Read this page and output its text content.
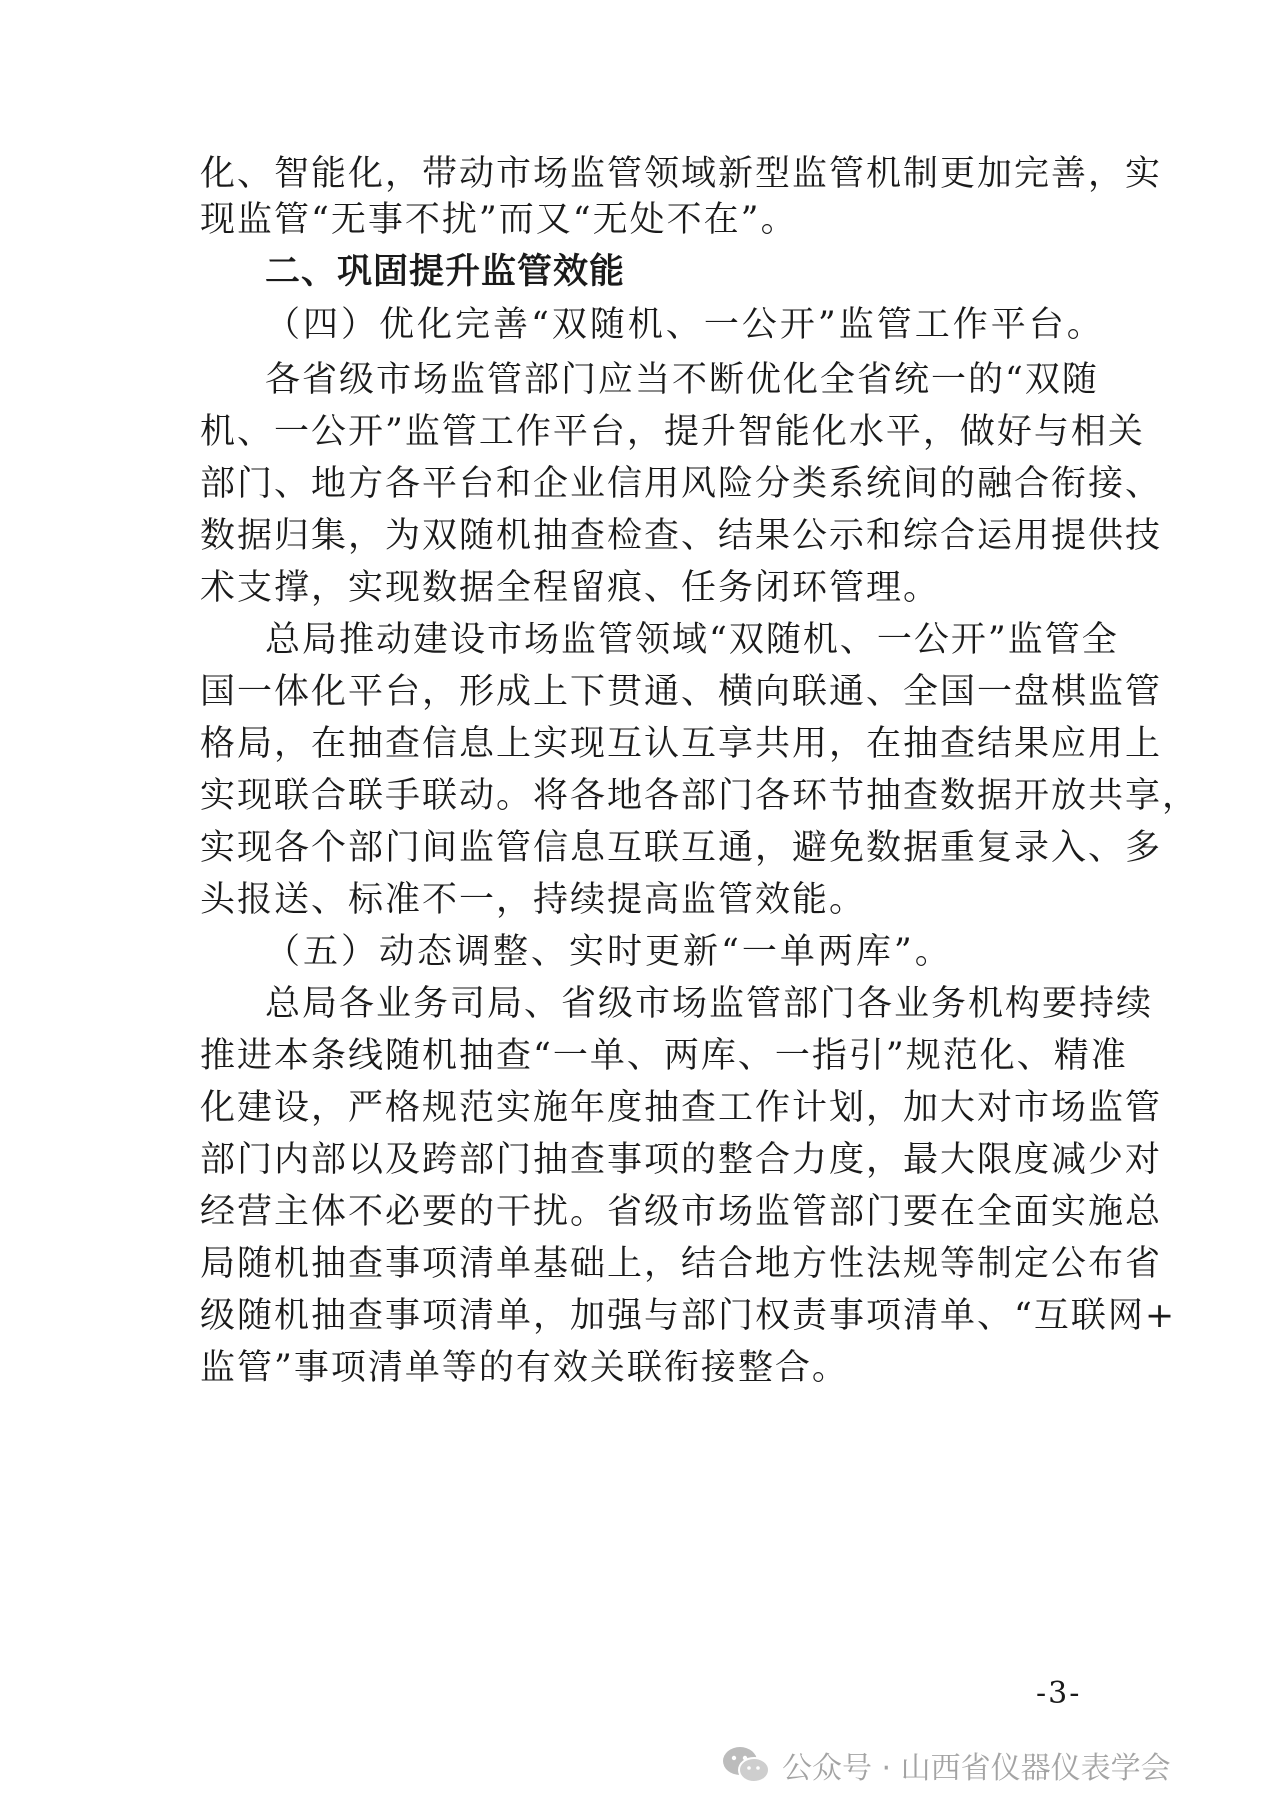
化、智能化，带动市场监管领域新型监管机制更加完善，实
现监管“无事不扰”而又“无处不在”。
二、巩固提升监管效能
（四）优化完善“双随机、一公开”监管工作平台。
各省级市场监管部门应当不断优化全省统一的“双随
机、一公开”监管工作平台，提升智能化水平，做好与相关
部门、地方各平台和企业信用风险分类系统间的融合衔接、
数据归集，为双随机抽查检查、结果公示和综合运用提供技
术支撑，实现数据全程留痕、任务闭环管理。
总局推动建设市场监管领域“双随机、一公开”监管全
国一体化平台，形成上下贯通、横向联通、全国一盘棋监管
格局，在抽查信息上实现互认互享共用，在抽查结果应用上
实现联合联手联动。将各地各部门各环节抽查数据开放共享，
实现各个部门间监管信息互联互通，避免数据重复录入、多
头报送、标准不一，持续提高监管效能。
（五）动态调整、实时更新“一单两库”。
总局各业务司局、省级市场监管部门各业务机构要持续
推进本条线随机抽查“一单、两库、一指引”规范化、精准
化建设，严格规范实施年度抽查工作计划，加大对市场监管
部门内部以及跨部门抽查事项的整合力度，最大限度减少对
经营主体不必要的干扰。省级市场监管部门要在全面实施总
局随机抽查事项清单基础上，结合地方性法规等制定公布省
级随机抽查事项清单，加强与部门权责事项清单、“互联网+
监管”事项清单等的有效关联衔接整合。
-3-
公众号 · 山西省仪器仪表学会
